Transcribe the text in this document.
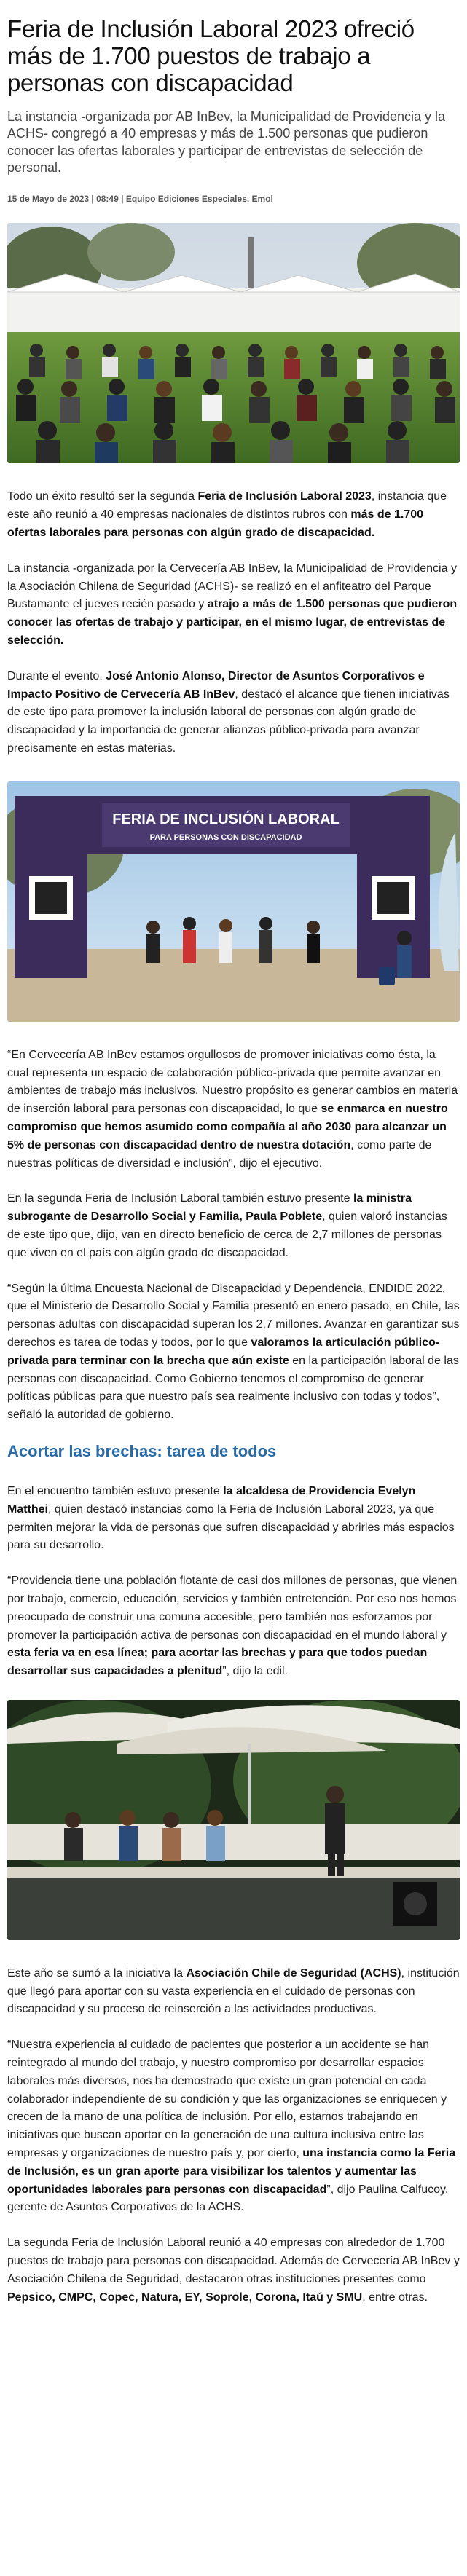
Feria de Inclusión Laboral 2023 ofreció más de 1.700 puestos de trabajo a personas con discapacidad

La instancia -organizada por AB InBev, la Municipalidad de Providencia y la ACHS- congregó a 40 empresas y más de 1.500 personas que pudieron conocer las ofertas laborales y participar de entrevistas de selección de personal.

15 de Mayo de 2023 | 08:49 | Equipo Ediciones Especiales, Emol

Todo un éxito resultó ser la segunda Feria de Inclusión Laboral 2023, instancia que este año reunió a 40 empresas nacionales de distintos rubros con más de 1.700 ofertas laborales para personas con algún grado de discapacidad.

La instancia -organizada por la Cervecería AB InBev, la Municipalidad de Providencia y la Asociación Chilena de Seguridad (ACHS)- se realizó en el anfiteatro del Parque Bustamante el jueves recién pasado y atrajo a más de 1.500 personas que pudieron conocer las ofertas de trabajo y participar, en el mismo lugar, de entrevistas de selección.

Durante el evento, José Antonio Alonso, Director de Asuntos Corporativos e Impacto Positivo de Cervecería AB InBev, destacó el alcance que tienen iniciativas de este tipo para promover la inclusión laboral de personas con algún grado de discapacidad y la importancia de generar alianzas público-privada para avanzar precisamente en estas materias.

FERIA DE INCLUSIÓN LABORAL
PARA PERSONAS CON DISCAPACIDAD

“En Cervecería AB InBev estamos orgullosos de promover iniciativas como ésta, la cual representa un espacio de colaboración público-privada que permite avanzar en ambientes de trabajo más inclusivos. Nuestro propósito es generar cambios en materia de inserción laboral para personas con discapacidad, lo que se enmarca en nuestro compromiso que hemos asumido como compañía al año 2030 para alcanzar un 5% de personas con discapacidad dentro de nuestra dotación, como parte de nuestras políticas de diversidad e inclusión”, dijo el ejecutivo.

En la segunda Feria de Inclusión Laboral también estuvo presente la ministra subrogante de Desarrollo Social y Familia, Paula Poblete, quien valoró instancias de este tipo que, dijo, van en directo beneficio de cerca de 2,7 millones de personas que viven en el país con algún grado de discapacidad.

“Según la última Encuesta Nacional de Discapacidad y Dependencia, ENDIDE 2022, que el Ministerio de Desarrollo Social y Familia presentó en enero pasado, en Chile, las personas adultas con discapacidad superan los 2,7 millones. Avanzar en garantizar sus derechos es tarea de todas y todos, por lo que valoramos la articulación público-privada para terminar con la brecha que aún existe en la participación laboral de las personas con discapacidad. Como Gobierno tenemos el compromiso de generar políticas públicas para que nuestro país sea realmente inclusivo con todas y todos”, señaló la autoridad de gobierno.

Acortar las brechas: tarea de todos

En el encuentro también estuvo presente la alcaldesa de Providencia Evelyn Matthei, quien destacó instancias como la Feria de Inclusión Laboral 2023, ya que permiten mejorar la vida de personas que sufren discapacidad y abrirles más espacios para su desarrollo.

“Providencia tiene una población flotante de casi dos millones de personas, que vienen por trabajo, comercio, educación, servicios y también entretención. Por eso nos hemos preocupado de construir una comuna accesible, pero también nos esforzamos por promover la participación activa de personas con discapacidad en el mundo laboral y esta feria va en esa línea; para acortar las brechas y para que todos puedan desarrollar sus capacidades a plenitud”, dijo la edil.

Este año se sumó a la iniciativa la Asociación Chile de Seguridad (ACHS), institución que llegó para aportar con su vasta experiencia en el cuidado de personas con discapacidad y su proceso de reinserción a las actividades productivas.

“Nuestra experiencia al cuidado de pacientes que posterior a un accidente se han reintegrado al mundo del trabajo, y nuestro compromiso por desarrollar espacios laborales más diversos, nos ha demostrado que existe un gran potencial en cada colaborador independiente de su condición y que las organizaciones se enriquecen y crecen de la mano de una política de inclusión. Por ello, estamos trabajando en iniciativas que buscan aportar en la generación de una cultura inclusiva entre las empresas y organizaciones de nuestro país y, por cierto, una instancia como la Feria de Inclusión, es un gran aporte para visibilizar los talentos y aumentar las oportunidades laborales para personas con discapacidad”, dijo Paulina Calfucoy, gerente de Asuntos Corporativos de la ACHS.

La segunda Feria de Inclusión Laboral reunió a 40 empresas con alrededor de 1.700 puestos de trabajo para personas con discapacidad. Además de Cervecería AB InBev y Asociación Chilena de Seguridad, destacaron otras instituciones presentes como Pepsico, CMPC, Copec, Natura, EY, Soprole, Corona, Itaú y SMU, entre otras.
